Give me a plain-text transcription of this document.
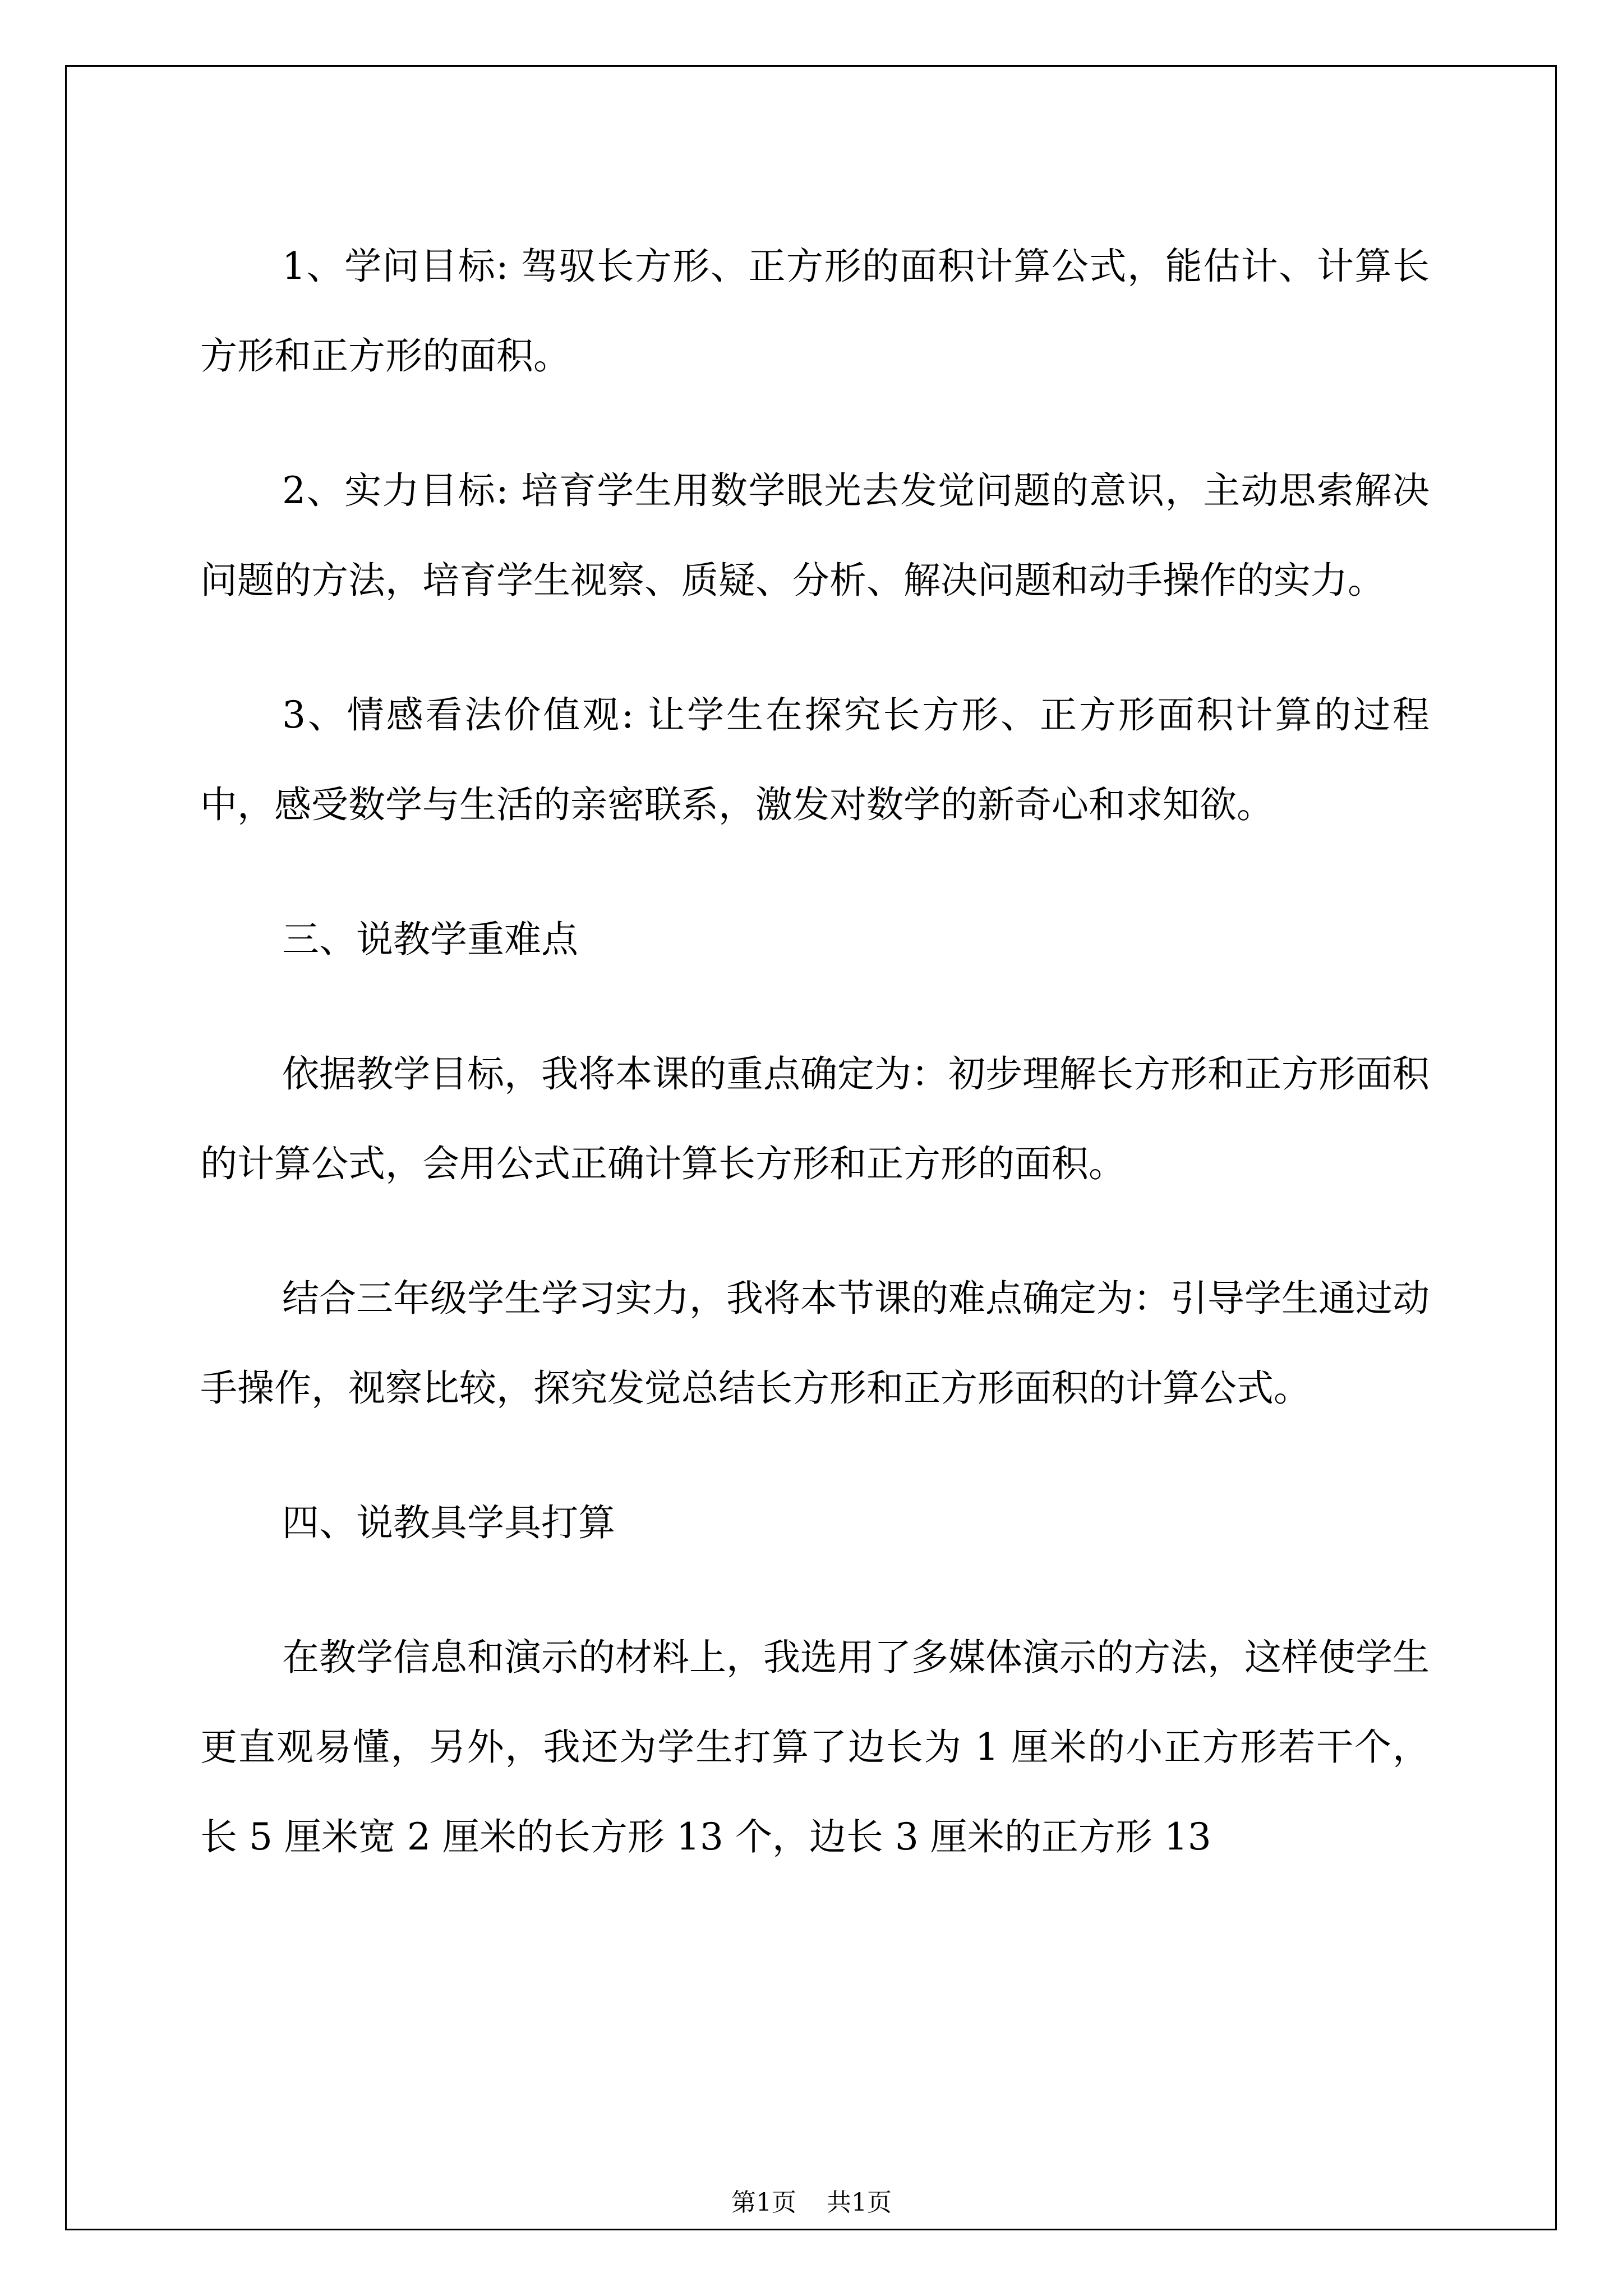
1、学问目标: 驾驭长方形、正方形的面积计算公式，能估计、计算长方形和正方形的面积。

2、实力目标: 培育学生用数学眼光去发觉问题的意识，主动思索解决问题的方法，培育学生视察、质疑、分析、解决问题和动手操作的实力。

3、情感看法价值观: 让学生在探究长方形、正方形面积计算的过程中，感受数学与生活的亲密联系，激发对数学的新奇心和求知欲。

三、说教学重难点

依据教学目标，我将本课的重点确定为：初步理解长方形和正方形面积的计算公式，会用公式正确计算长方形和正方形的面积。

结合三年级学生学习实力，我将本节课的难点确定为：引导学生通过动手操作，视察比较，探究发觉总结长方形和正方形面积的计算公式。

四、说教具学具打算

在教学信息和演示的材料上，我选用了多媒体演示的方法，这样使学生更直观易懂，另外，我还为学生打算了边长为 1 厘米的小正方形若干个，长 5 厘米宽 2 厘米的长方形 13 个，边长 3 厘米的正方形 13

第1页 共1页
